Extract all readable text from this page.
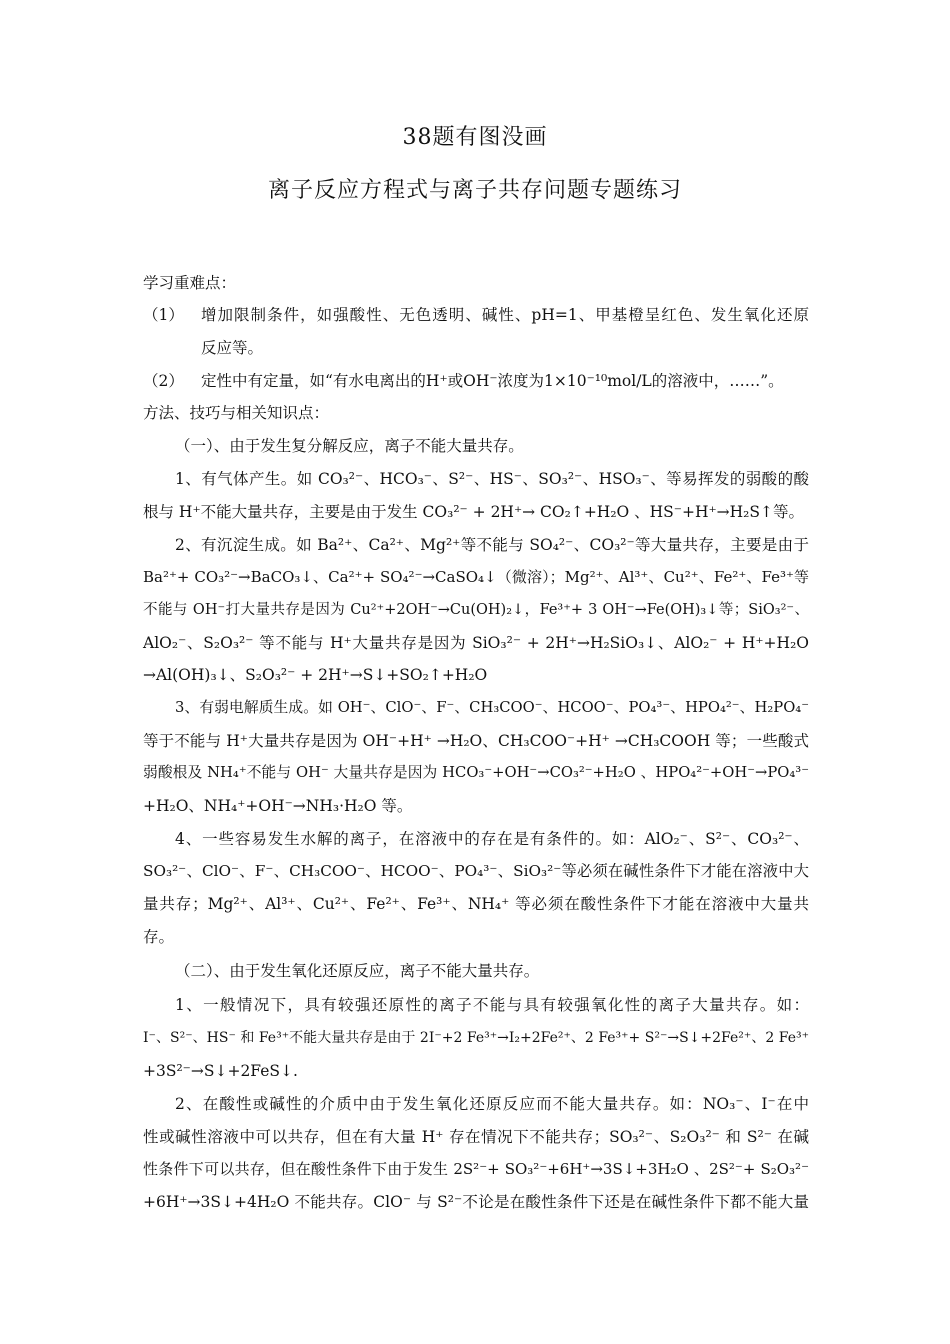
38题有图没画
离子反应方程式与离子共存问题专题练习
学习重难点：
（1）	增加限制条件，如强酸性、无色透明、碱性、pH=1、甲基橙呈红色、发生氧化还原
反应等。
（2）	定性中有定量，如“有水电离出的H⁺或OH⁻浓度为1×10⁻¹⁰mol/L的溶液中，……”。
方法、技巧与相关知识点：
（一）、由于发生复分解反应，离子不能大量共存。
1、有气体产生。如 CO₃²⁻、HCO₃⁻、S²⁻、HS⁻、SO₃²⁻、HSO₃⁻、等易挥发的弱酸的酸
根与 H⁺不能大量共存，主要是由于发生 CO₃²⁻ + 2H⁺→ CO₂↑+H₂O 、HS⁻+H⁺→H₂S↑等。
2、有沉淀生成。如 Ba²⁺、Ca²⁺、Mg²⁺等不能与 SO₄²⁻、CO₃²⁻等大量共存，主要是由于
Ba²⁺+ CO₃²⁻→BaCO₃↓、Ca²⁺+ SO₄²⁻→CaSO₄↓（微溶）；Mg²⁺、Al³⁺、Cu²⁺、Fe²⁺、Fe³⁺等
不能与 OH⁻打大量共存是因为 Cu²⁺+2OH⁻→Cu(OH)₂↓，Fe³⁺+ 3 OH⁻→Fe(OH)₃↓等；SiO₃²⁻、
AlO₂⁻、S₂O₃²⁻ 等不能与 H⁺大量共存是因为 SiO₃²⁻ + 2H⁺→H₂SiO₃↓、AlO₂⁻ + H⁺+H₂O
→Al(OH)₃↓、S₂O₃²⁻ + 2H⁺→S↓+SO₂↑+H₂O
3、有弱电解质生成。如 OH⁻、ClO⁻、F⁻、CH₃COO⁻、HCOO⁻、PO₄³⁻、HPO₄²⁻、H₂PO₄⁻
等于不能与 H⁺大量共存是因为 OH⁻+H⁺ →H₂O、CH₃COO⁻+H⁺ →CH₃COOH 等；一些酸式
弱酸根及 NH₄⁺不能与 OH⁻ 大量共存是因为 HCO₃⁻+OH⁻→CO₃²⁻+H₂O 、HPO₄²⁻+OH⁻→PO₄³⁻
+H₂O、NH₄⁺+OH⁻→NH₃·H₂O 等。
4、一些容易发生水解的离子，在溶液中的存在是有条件的。如：AlO₂⁻、S²⁻、CO₃²⁻、
SO₃²⁻、ClO⁻、F⁻、CH₃COO⁻、HCOO⁻、PO₄³⁻、SiO₃²⁻等必须在碱性条件下才能在溶液中大
量共存；Mg²⁺、Al³⁺、Cu²⁺、Fe²⁺、Fe³⁺、NH₄⁺ 等必须在酸性条件下才能在溶液中大量共
存。
（二）、由于发生氧化还原反应，离子不能大量共存。
1、一般情况下，具有较强还原性的离子不能与具有较强氧化性的离子大量共存。如：
I⁻、S²⁻、HS⁻ 和 Fe³⁺不能大量共存是由于 2I⁻+2 Fe³⁺→I₂+2Fe²⁺、2 Fe³⁺+ S²⁻→S↓+2Fe²⁺、2 Fe³⁺
+3S²⁻→S↓+2FeS↓.
2、在酸性或碱性的介质中由于发生氧化还原反应而不能大量共存。如：NO₃⁻、I⁻在中
性或碱性溶液中可以共存，但在有大量 H⁺ 存在情况下不能共存；SO₃²⁻、S₂O₃²⁻ 和 S²⁻ 在碱
性条件下可以共存，但在酸性条件下由于发生 2S²⁻+ SO₃²⁻+6H⁺→3S↓+3H₂O 、2S²⁻+ S₂O₃²⁻
+6H⁺→3S↓+4H₂O 不能共存。ClO⁻ 与 S²⁻不论是在酸性条件下还是在碱性条件下都不能大量
